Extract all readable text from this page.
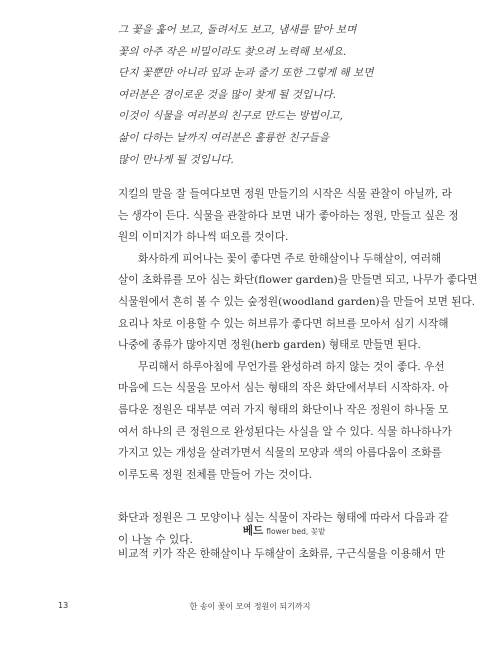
그 꽃을 훑어 보고, 돌려서도 보고, 냄새를 맡아 보며
꽃의 아주 작은 비밀이라도 찾으려 노력해 보세요.
단지 꽃뿐만 아니라 잎과 눈과 줄기 또한 그렇게 해 보면
여러분은 경이로운 것을 많이 찾게 될 것입니다.
이것이 식물을 여러분의 친구로 만드는 방법이고,
삶이 다하는 날까지 여러분은 훌륭한 친구들을
많이 만나게 될 것입니다.
지킬의 말을 잘 들여다보면 정원 만들기의 시작은 식물 관찰이 아닐까, 라
는 생각이 든다. 식물을 관찰하다 보면 내가 좋아하는 정원, 만들고 싶은 정
원의 이미지가 하나씩 떠오를 것이다.
화사하게 피어나는 꽃이 좋다면 주로 한해살이나 두해살이, 여러해
살이 초화류를 모아 심는 화단(flower garden)을 만들면 되고, 나무가 좋다면
식물원에서 흔히 볼 수 있는 숲정원(woodland garden)을 만들어 보면 된다.
요리나 차로 이용할 수 있는 허브류가 좋다면 허브를 모아서 심기 시작해
나중에 종류가 많아지면 정원(herb garden) 형태로 만들면 된다.
무리해서 하루아침에 무언가를 완성하려 하지 않는 것이 좋다. 우선
마음에 드는 식물을 모아서 심는 형태의 작은 화단에서부터 시작하자. 아
름다운 정원은 대부분 여러 가지 형태의 화단이나 작은 정원이 하나둘 모
여서 하나의 큰 정원으로 완성된다는 사실을 알 수 있다. 식물 하나하나가
가지고 있는 개성을 살려가면서 식물의 모양과 색의 아름다움이 조화를
이루도록 정원 전체를 만들어 가는 것이다.
화단과 정원은 그 모양이나 심는 식물이 자라는 형태에 따라서 다음과 같
이 나눌 수 있다.
베드 flower bed, 꽃밭
비교적 키가 작은 한해살이나 두해살이 초화류, 구근식물을 이용해서 만
13	한 송이 꽃이 모여 정원이 되기까지
